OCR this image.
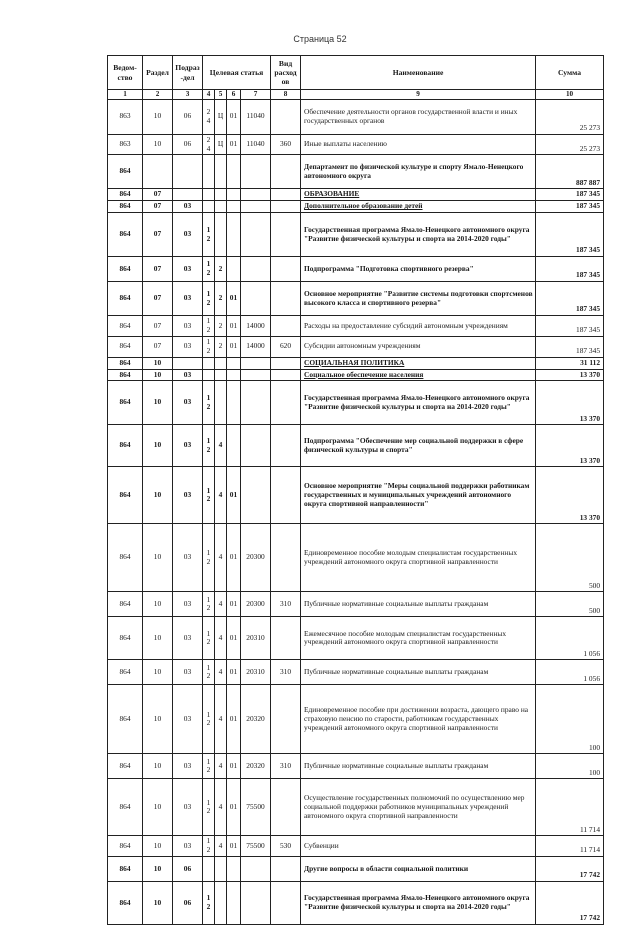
Страница 52
Ведом-ство	Раздел	Подраз-дел	Целевая статья				Вид расходов	Наименование	Сумма
1	2	3	4	5	6	7	8	9	10
863	10	06	24	Ц	01	11040		Обеспечение деятельности органов государственной власти и иных государственных органов	25 273
863	10	06	24	Ц	01	11040	360	Иные выплаты населению	25 273
864								Департамент по физической культуре и спорту Ямало-Ненецкого автономного округа	887 887
864	07							ОБРАЗОВАНИЕ	187 345
864	07	03						Дополнительное образование детей	187 345
864	07	03	12					Государственная программа Ямало-Ненецкого автономного округа "Развитие физической культуры и спорта на 2014-2020 годы"	187 345
864	07	03	12	2				Подпрограмма "Подготовка спортивного резерва"	187 345
864	07	03	12	2	01			Основное мероприятие "Развитие системы подготовки спортсменов высокого класса и спортивного резерва"	187 345
864	07	03	12	2	01	14000		Расходы на предоставление субсидий автономным учреждениям	187 345
864	07	03	12	2	01	14000	620	Субсидии автономным учреждениям	187 345
864	10							СОЦИАЛЬНАЯ ПОЛИТИКА	31 112
864	10	03						Социальное обеспечение населения	13 370
864	10	03	12					Государственная программа Ямало-Ненецкого автономного округа "Развитие физической культуры и спорта на 2014-2020 годы"	13 370
864	10	03	12	4				Подпрограмма "Обеспечение мер социальной поддержки в сфере физической культуры и спорта"	13 370
864	10	03	12	4	01			Основное мероприятие "Меры социальной поддержки работникам государственных и муниципальных учреждений автономного округа спортивной направленности"	13 370
864	10	03	12	4	01	20300		Единовременное пособие молодым специалистам государственных учреждений автономного округа спортивной направленности	500
864	10	03	12	4	01	20300	310	Публичные нормативные социальные выплаты гражданам	500
864	10	03	12	4	01	20310		Ежемесячное пособие молодым специалистам государственных учреждений автономного округа спортивной направленности	1 056
864	10	03	12	4	01	20310	310	Публичные нормативные социальные выплаты гражданам	1 056
864	10	03	12	4	01	20320		Единовременное пособие при достижении возраста, дающего право на страховую пенсию по старости, работникам государственных учреждений автономного округа спортивной направленности	100
864	10	03	12	4	01	20320	310	Публичные нормативные социальные выплаты гражданам	100
864	10	03	12	4	01	75500		Осуществление государственных полномочий по осуществлению мер социальной поддержки работников муниципальных учреждений автономного округа спортивной направленности	11 714
864	10	03	12	4	01	75500	530	Субвенции	11 714
864	10	06						Другие вопросы в области социальной политики	17 742
864	10	06	12					Государственная программа Ямало-Ненецкого автономного округа "Развитие физической культуры и спорта на 2014-2020 годы"	17 742
